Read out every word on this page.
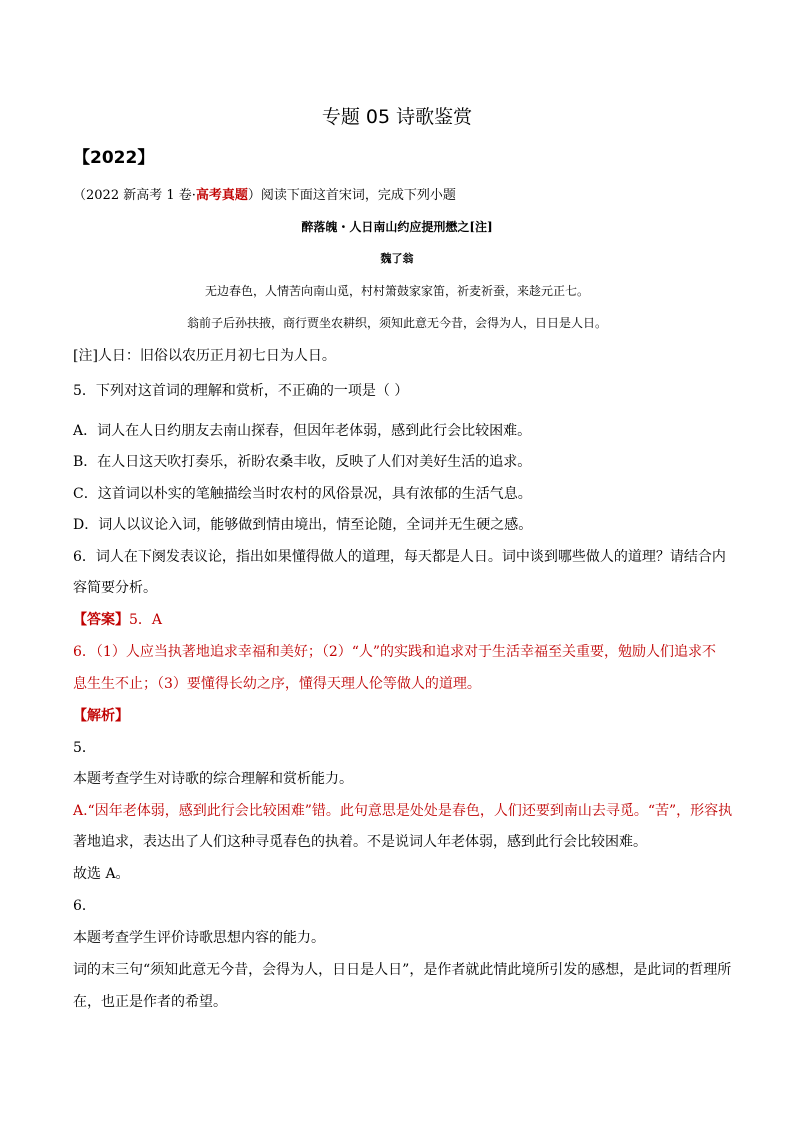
专题 05 诗歌鉴赏
【2022】
（2022 新高考 1 卷·高考真题）阅读下面这首宋词，完成下列小题
醉落魄・人日南山约应提刑懋之[注]
魏了翁
无边春色，人情苦向南山觅，村村箫鼓家家笛，祈麦祈蚕，来趁元正七。
翁前子后孙扶掖，商行贾坐农耕织，须知此意无今昔，会得为人，日日是人日。
[注]人日：旧俗以农历正月初七日为人日。
5．下列对这首词的理解和赏析，不正确的一项是（ ）
A．词人在人日约朋友去南山探春，但因年老体弱，感到此行会比较困难。
B．在人日这天吹打奏乐，祈盼农桑丰收，反映了人们对美好生活的追求。
C．这首词以朴实的笔触描绘当时农村的风俗景况，具有浓郁的生活气息。
D．词人以议论入词，能够做到情由境出，情至论随，全词并无生硬之感。
6．词人在下阕发表议论，指出如果懂得做人的道理，每天都是人日。词中谈到哪些做人的道理？请结合内
容简要分析。
【答案】5．A
6．（1）人应当执著地追求幸福和美好；（2）“人”的实践和追求对于生活幸福至关重要，勉励人们追求不
息生生不止；（3）要懂得长幼之序，懂得天理人伦等做人的道理。
【解析】
5．
本题考查学生对诗歌的综合理解和赏析能力。
A.“因年老体弱，感到此行会比较困难”错。此句意思是处处是春色，人们还要到南山去寻觅。“苦”，形容执
著地追求，表达出了人们这种寻觅春色的执着。不是说词人年老体弱，感到此行会比较困难。
故选 A。
6．
本题考查学生评价诗歌思想内容的能力。
词的末三句“须知此意无今昔，会得为人，日日是人日”，是作者就此情此境所引发的感想，是此词的哲理所
在，也正是作者的希望。
